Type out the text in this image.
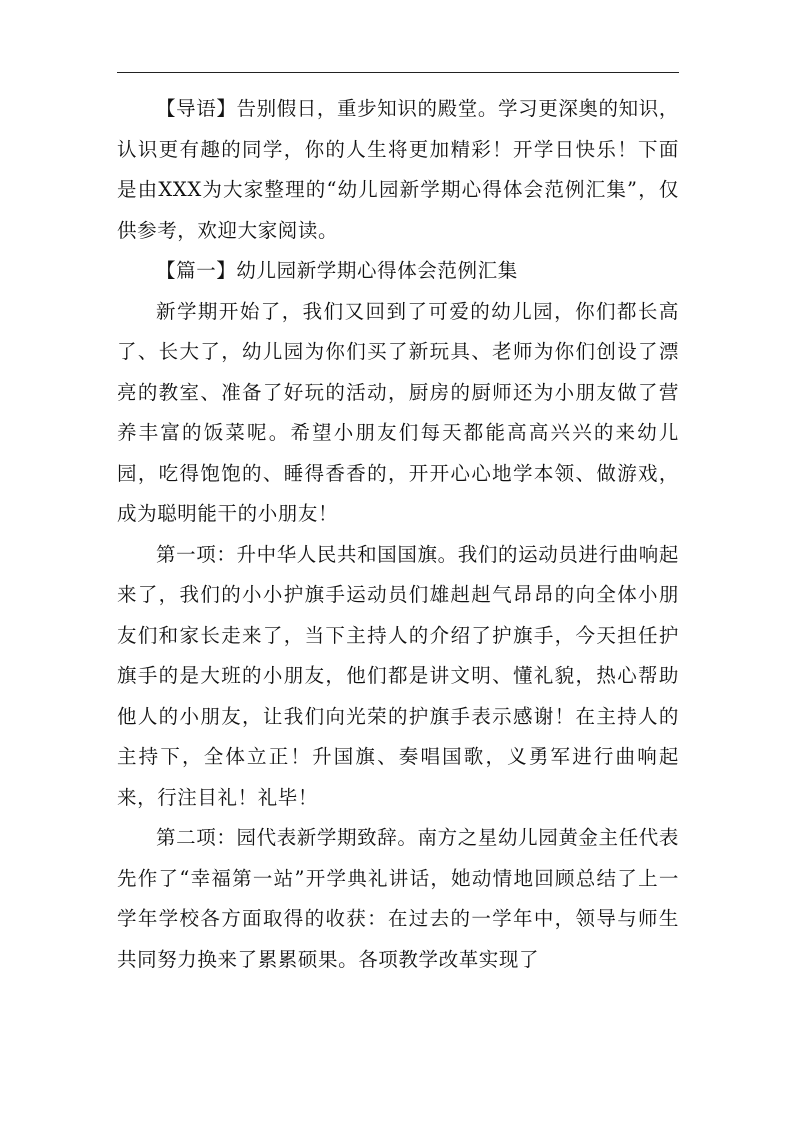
【导语】告别假日，重步知识的殿堂。学习更深奥的知识，认识更有趣的同学，你的人生将更加精彩！开学日快乐！下面是由XXX为大家整理的“幼儿园新学期心得体会范例汇集”，仅供参考，欢迎大家阅读。

【篇一】幼儿园新学期心得体会范例汇集

新学期开始了，我们又回到了可爱的幼儿园，你们都长高了、长大了，幼儿园为你们买了新玩具、老师为你们创设了漂亮的教室、准备了好玩的活动，厨房的厨师还为小朋友做了营养丰富的饭菜呢。希望小朋友们每天都能高高兴兴的来幼儿园，吃得饱饱的、睡得香香的，开开心心地学本领、做游戏，成为聪明能干的小朋友！

第一项：升中华人民共和国国旗。我们的运动员进行曲响起来了，我们的小小护旗手运动员们雄赳赳气昂昂的向全体小朋友们和家长走来了，当下主持人的介绍了护旗手，今天担任护旗手的是大班的小朋友，他们都是讲文明、懂礼貌，热心帮助他人的小朋友，让我们向光荣的护旗手表示感谢！在主持人的主持下，全体立正！升国旗、奏唱国歌，义勇军进行曲响起来，行注目礼！礼毕！

第二项：园代表新学期致辞。南方之星幼儿园黄金主任代表先作了“幸福第一站”开学典礼讲话，她动情地回顾总结了上一学年学校各方面取得的收获：在过去的一学年中，领导与师生共同努力换来了累累硕果。各项教学改革实现了
